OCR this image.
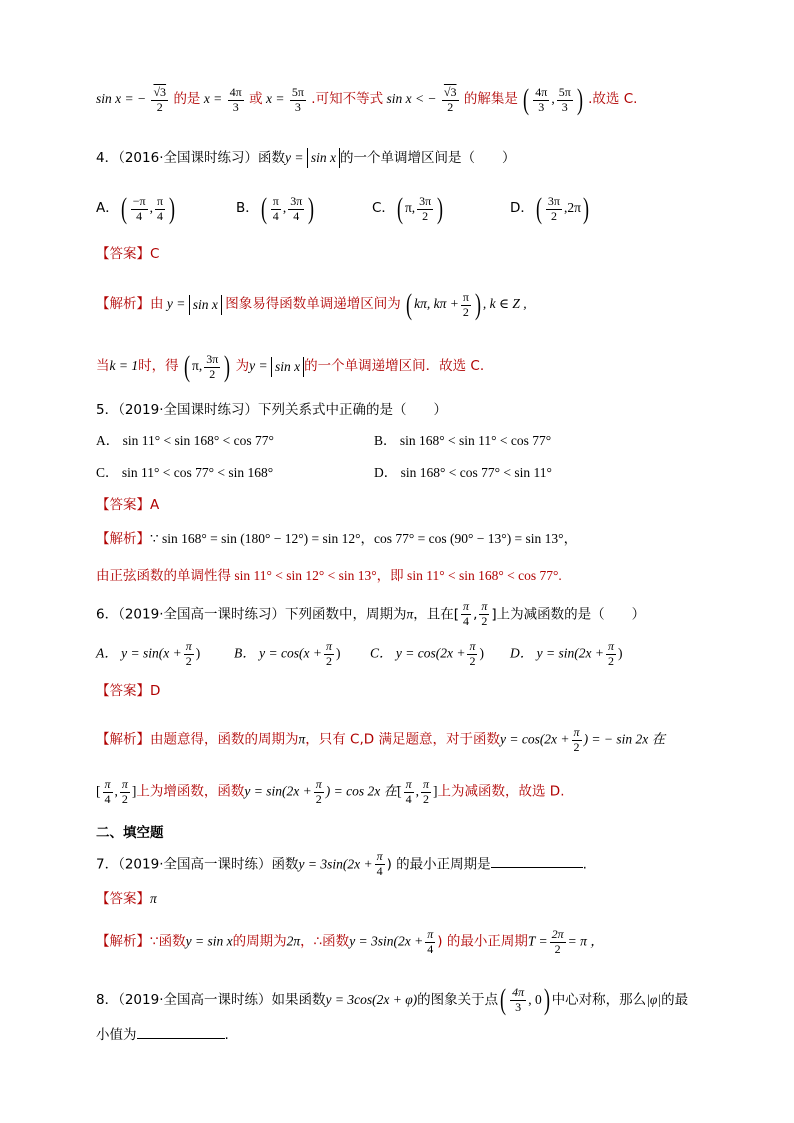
sin x = − $\frac{√3}{2}$ 的是 $x = \frac{4\pi}{3}$ 或 $x = \frac{5\pi}{3}$ .可知不等式 sin x < − $\frac{√3}{2}$ 的解集是 ( $\frac{4\pi}{3}$ , $\frac{5\pi}{3}$ ) .故选 C.
4．（2016·全国课时练习）函数y = sin x 的一个单调增区间是（　　）
A．( $\frac{-\pi}{4}$ , $\frac{\pi}{4}$ )	B．( $\frac{\pi}{4}$ , $\frac{3\pi}{4}$ )	C．( π, $\frac{3\pi}{2}$ )	D．( $\frac{3\pi}{2} ,2\pi$)
【答案】C
【解析】由 y = sin x 图象易得函数单调递增区间为 ( kπ, $k\pi + \frac{\pi}{2}$ ) , k ∈ Z ,
当k = 1时，得 ( π, $\frac{3\pi}{2}$ ) 为y = sin x 的一个单调递增区间．故选 C.
5．（2019·全国课时练习）下列关系式中正确的是（　　）
A． sin 11° < sin 168° < cos 77°	B． sin 168° < sin 11° < cos 77°
C． sin 11° < cos 77° < sin 168°	D． sin 168° < cos 77° < sin 11°
【答案】A
【解析】∵ sin 168° = sin (180° − 12°) = sin 12°，cos 77° = cos (90° − 13°) = sin 13°，
由正弦函数的单调性得 sin 11° < sin 12° < sin 13°，即 sin 11° < sin 168° < cos 77°.
6．（2019·全国高一课时练习）下列函数中，周期为π，且在[ $\frac{\pi}{4}$ , $\frac{\pi}{2}$ ]上为减函数的是（　　）
A． $y = \sin(x + \frac{\pi}{2}$ )	B． $y = \cos(x + \frac{\pi}{2}$ ) C． $y = \cos(2x + \frac{\pi}{2}$ ) D． $y = \sin(2x + \frac{\pi}{2}$ )
【答案】D
【解析】由题意得，函数的周期为π，只有 C,D 满足题意，对于函数$y = \cos(2x + \frac{\pi}{2}$ ) = − sin 2x 在
[ $\frac{\pi}{4}$ , $\frac{\pi}{2}$ ]上为增函数，函数$y = \sin(2x + \frac{\pi}{2}$ ) = cos 2x 在[ $\frac{\pi}{4}$ , $\frac{\pi}{2}$ ]上为减函数，故选 D.
二、填空题
7．（2019·全国高一课时练）函数$y = 3\sin(2x + \frac{\pi}{4}$ ) 的最小正周期是	.
【答案】π
【解析】∵函数y = sin x的周期为2π，∴函数$y = 3\sin(2x + \frac{\pi}{4}$ ) 的最小正周期$T = \frac{2\pi}{2} = \pi$ ，
8．（2019·全国高一课时练）如果函数y = 3cos(2x + φ)的图象关于点( $\frac{4\pi}{3}$ , 0) 中心对称，那么|φ|的最
小值为	.
